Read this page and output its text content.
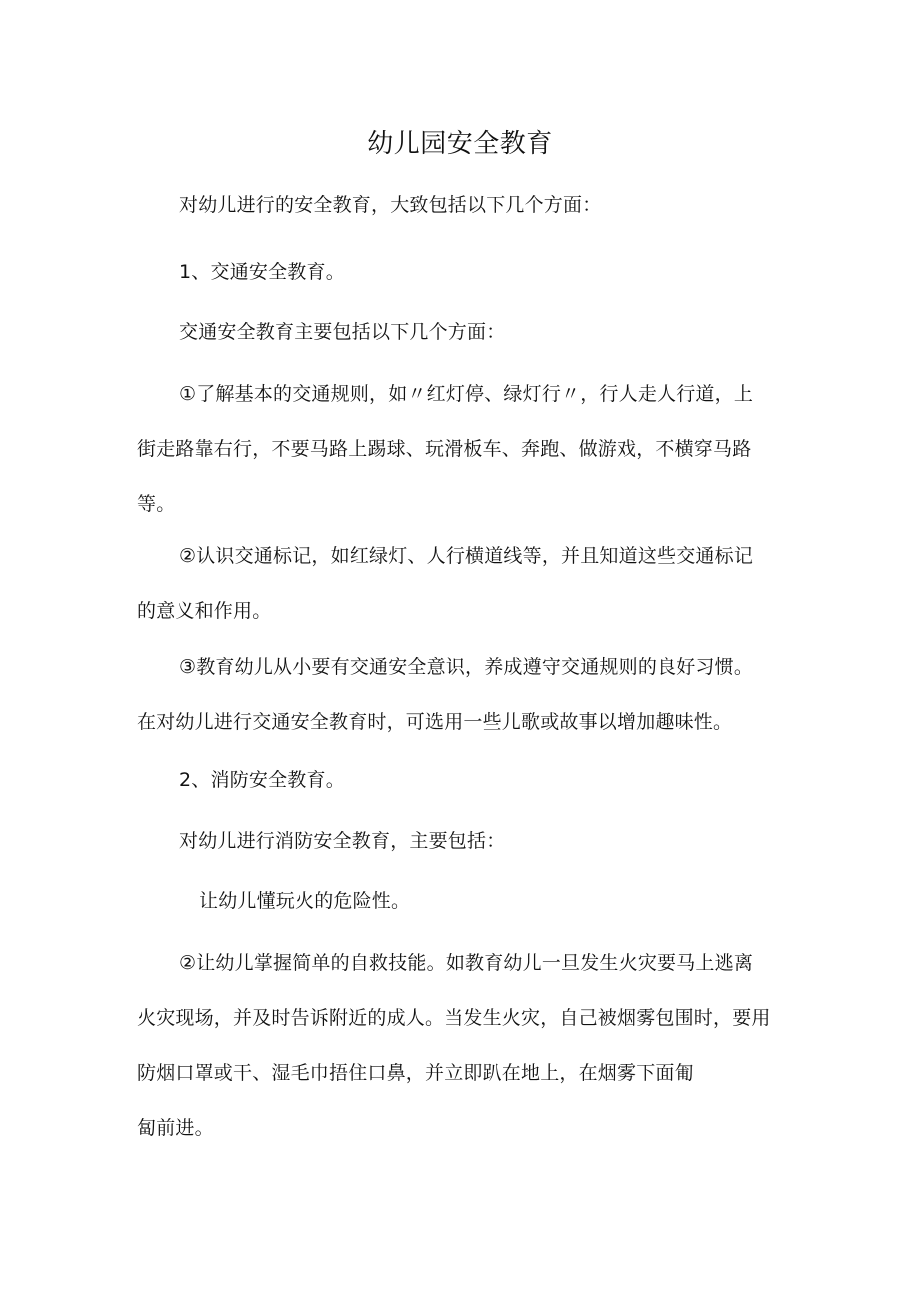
幼儿园安全教育

对幼儿进行的安全教育，大致包括以下几个方面：

1、交通安全教育。

交通安全教育主要包括以下几个方面：

①了解基本的交通规则，如〃红灯停、绿灯行〃，行人走人行道，上
街走路靠右行，不要马路上踢球、玩滑板车、奔跑、做游戏，不横穿马路
等。

②认识交通标记，如红绿灯、人行横道线等，并且知道这些交通标记
的意义和作用。

③教育幼儿从小要有交通安全意识，养成遵守交通规则的良好习惯。
在对幼儿进行交通安全教育时，可选用一些儿歌或故事以增加趣味性。

2、消防安全教育。

对幼儿进行消防安全教育，主要包括：

让幼儿懂玩火的危险性。

②让幼儿掌握简单的自救技能。如教育幼儿一旦发生火灾要马上逃离
火灾现场，并及时告诉附近的成人。当发生火灾，自己被烟雾包围时，要用
防烟口罩或干、湿毛巾捂住口鼻，并立即趴在地上，在烟雾下面匍
匐前进。
